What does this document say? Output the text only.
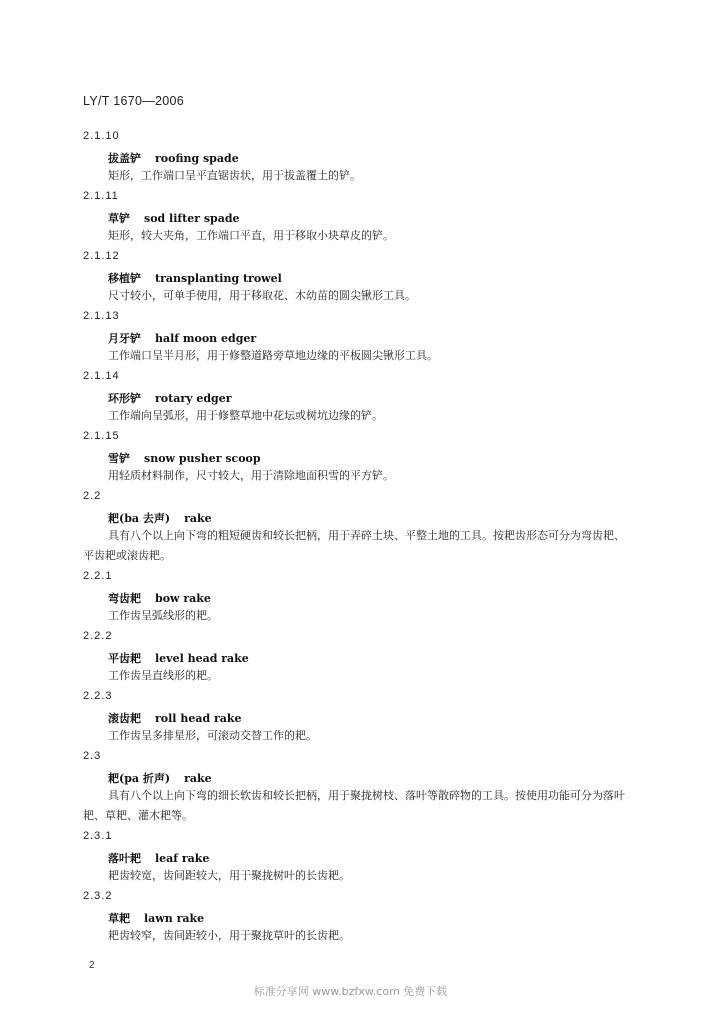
LY/T 1670—2006
2.1.10
拔盖铲 roofing spade
矩形，工作端口呈平直锯齿状，用于拔盖覆土的铲。
2.1.11
草铲 sod lifter spade
矩形，较大夹角，工作端口平直，用于移取小块草皮的铲。
2.1.12
移植铲 transplanting trowel
尺寸较小，可单手使用，用于移取花、木幼苗的圆尖锹形工具。
2.1.13
月牙铲 half moon edger
工作端口呈半月形，用于修整道路旁草地边缘的平板圆尖锹形工具。
2.1.14
环形铲 rotary edger
工作端向呈弧形，用于修整草地中花坛或树坑边缘的铲。
2.1.15
雪铲 snow pusher scoop
用轻质材料制作，尺寸较大，用于清除地面积雪的平方铲。
2.2
耙(ba 去声) rake
具有八个以上向下弯的粗短硬齿和较长把柄，用于弄碎土块、平整土地的工具。按耙齿形态可分为弯齿耙、平齿耙或滚齿耙。
2.2.1
弯齿耙 bow rake
工作齿呈弧线形的耙。
2.2.2
平齿耙 level head rake
工作齿呈直线形的耙。
2.2.3
滚齿耙 roll head rake
工作齿呈多排星形，可滚动交替工作的耙。
2.3
耙(pa 折声) rake
具有八个以上向下弯的细长软齿和较长把柄，用于聚拢树枝、落叶等散碎物的工具。按使用功能可分为落叶耙、草耙、灌木耙等。
2.3.1
落叶耙 leaf rake
耙齿较宽，齿间距较大，用于聚拢树叶的长齿耙。
2.3.2
草耙 lawn rake
耙齿较窄，齿间距较小，用于聚拢草叶的长齿耙。
2
标准分享网 www.bzfxw.com 免费下载
